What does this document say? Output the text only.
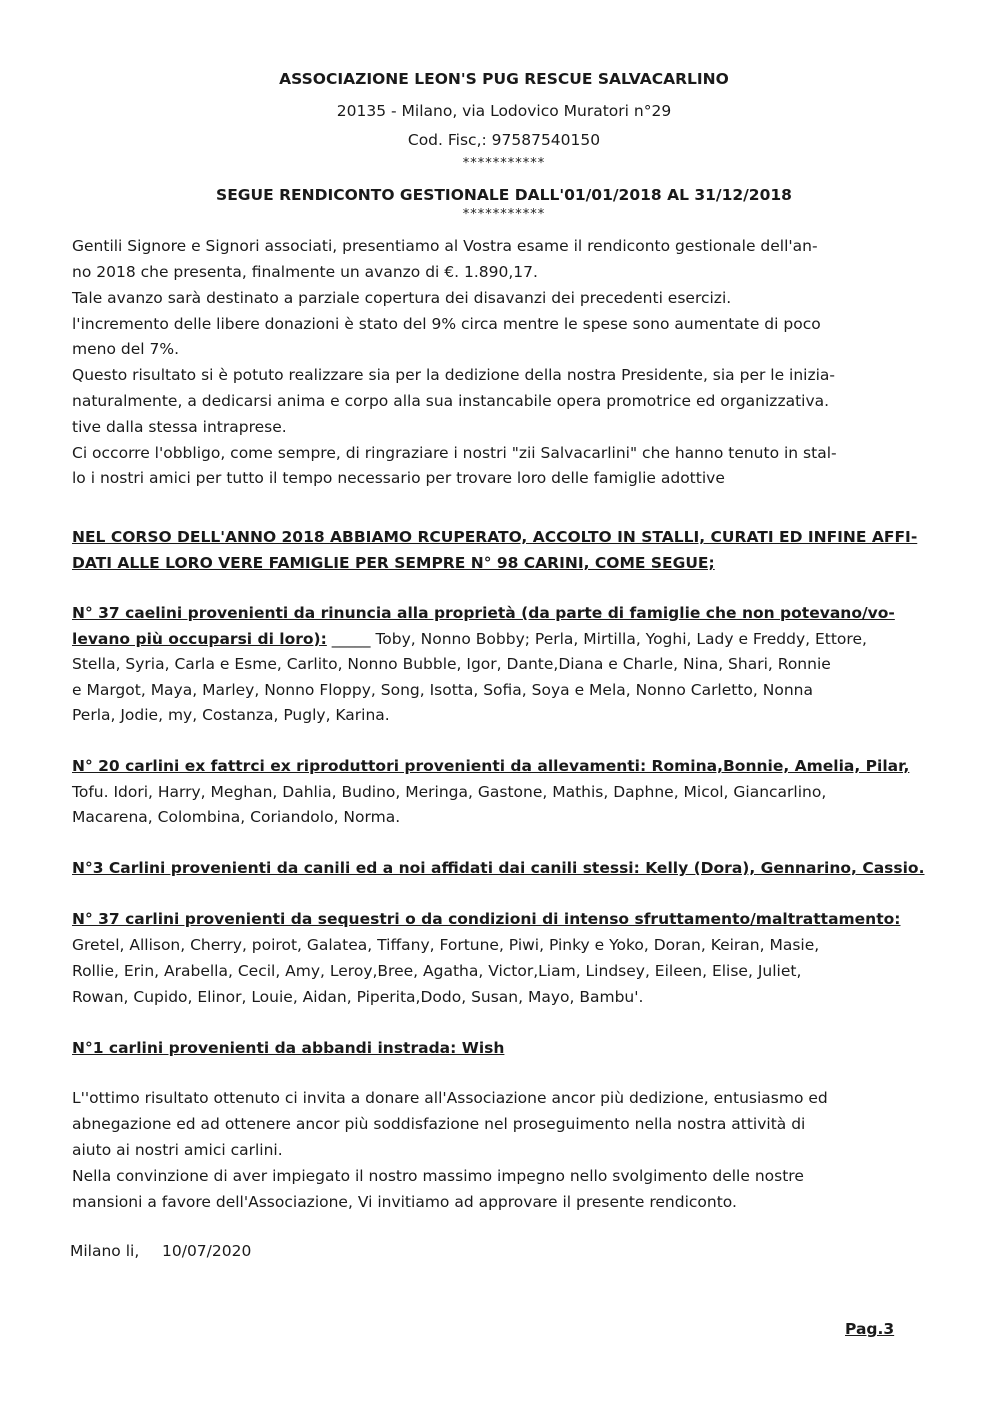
ASSOCIAZIONE LEON'S PUG RESCUE SALVACARLINO
20135 - Milano, via Lodovico Muratori n°29
Cod. Fisc,: 97587540150
***********
SEGUE RENDICONTO GESTIONALE DALL'01/01/2018 AL 31/12/2018
***********
Gentili Signore e Signori associati, presentiamo al Vostra esame il rendiconto gestionale dell'an-
no 2018 che presenta, finalmente un avanzo di €. 1.890,17.
Tale avanzo sarà destinato a parziale copertura dei disavanzi dei precedenti esercizi.
l'incremento delle libere donazioni è stato del 9% circa mentre le spese sono aumentate di poco
meno del 7%.
Questo risultato si è potuto realizzare sia per la dedizione della nostra Presidente, sia per le inizia-
naturalmente, a dedicarsi anima e corpo alla sua instancabile opera promotrice ed organizzativa.
tive dalla stessa intraprese.
Ci occorre l'obbligo, come sempre, di ringraziare i nostri "zii Salvacarlini" che hanno tenuto in stal-
lo i nostri amici per tutto il tempo necessario per trovare loro delle famiglie adottive
NEL CORSO DELL'ANNO 2018 ABBIAMO RCUPERATO, ACCOLTO IN STALLI, CURATI ED INFINE AFFI-
DATI ALLE LORO VERE FAMIGLIE PER SEMPRE N° 98 CARINI, COME SEGUE;
N° 37 caelini provenienti da rinuncia alla proprietà (da parte di famiglie che non potevano/vo-
levano più occuparsi di loro): _____ Toby, Nonno Bobby; Perla, Mirtilla, Yoghi, Lady e Freddy, Ettore,
Stella, Syria, Carla e Esme, Carlito, Nonno Bubble, Igor, Dante,Diana e Charle, Nina, Shari, Ronnie
e Margot, Maya, Marley, Nonno Floppy, Song, Isotta, Sofia, Soya e Mela, Nonno Carletto, Nonna
Perla, Jodie, my, Costanza, Pugly, Karina.
N° 20 carlini ex fattrci ex riproduttori provenienti da allevamenti: Romina,Bonnie, Amelia, Pilar,
Tofu. Idori, Harry, Meghan, Dahlia, Budino, Meringa, Gastone, Mathis, Daphne, Micol, Giancarlino,
Macarena, Colombina, Coriandolo, Norma.
N°3 Carlini provenienti da canili ed a noi affidati dai canili stessi: Kelly (Dora), Gennarino, Cassio.
N° 37 carlini provenienti da sequestri o da condizioni di intenso sfruttamento/maltrattamento:
Gretel, Allison, Cherry, poirot, Galatea, Tiffany, Fortune, Piwi, Pinky e Yoko, Doran, Keiran, Masie,
Rollie, Erin, Arabella, Cecil, Amy, Leroy,Bree, Agatha, Victor,Liam, Lindsey, Eileen, Elise, Juliet,
Rowan, Cupido, Elinor, Louie, Aidan, Piperita,Dodo, Susan, Mayo, Bambu'.
N°1 carlini provenienti da abbandi instrada: Wish
L''ottimo risultato ottenuto ci invita a donare all'Associazione ancor più dedizione, entusiasmo ed
abnegazione ed ad ottenere ancor più soddisfazione nel proseguimento nella nostra attività di
aiuto ai nostri amici carlini.
Nella convinzione di aver impiegato il nostro massimo impegno nello svolgimento delle nostre
mansioni a favore dell'Associazione, Vi invitiamo ad approvare il presente rendiconto.
Milano li, 10/07/2020
Pag.3
